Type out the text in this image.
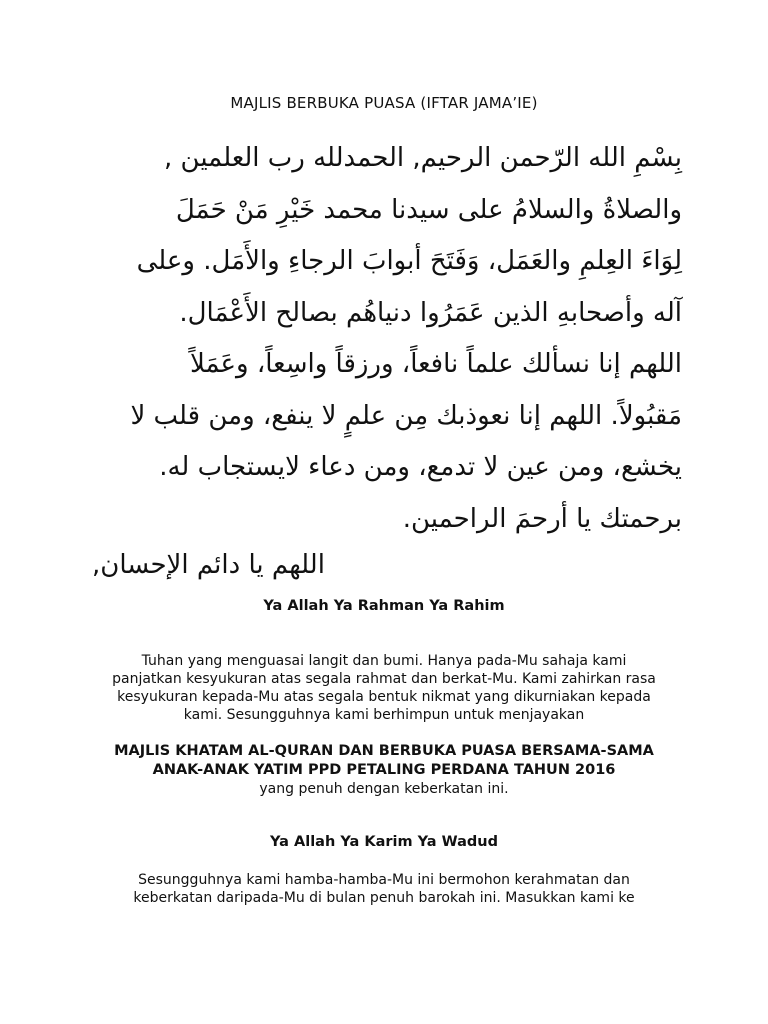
MAJLIS BERBUKA PUASA (IFTAR JAMA’IE)
بِسْمِ الله الرّحمن الرحيم, الحمدلله رب العلمين ,
والصلاةُ والسلامُ على سيدنا محمد خَيْرِ مَنْ حَمَلَ
لِوَاءَ العِلمِ والعَمَل، وَفَتَحَ أبوابَ الرجاءِ والأَمَل. وعلى
آله وأصحابهِ الذين عَمَرُوا دنياهُم بصالح الأَعْمَال.
اللهم إنا نسألك علماً نافعاً، ورزقاً واسِعاً، وعَمَلاً
مَقبُولاً. اللهم إنا نعوذبك مِن علمٍ لا ينفع، ومن قلب لا
يخشع، ومن عين لا تدمع، ومن دعاء لايستجاب له.
برحمتك يا أرحمَ الراحمين.
اللهم يا دائم الإحسان,
Ya Allah Ya Rahman Ya Rahim
Tuhan yang menguasai langit dan bumi. Hanya pada-Mu sahaja kami
panjatkan kesyukuran atas segala rahmat dan berkat-Mu. Kami zahirkan rasa
kesyukuran kepada-Mu atas segala bentuk nikmat yang dikurniakan kepada
kami. Sesungguhnya kami berhimpun untuk menjayakan
MAJLIS KHATAM AL-QURAN DAN BERBUKA PUASA BERSAMA-SAMA
ANAK-ANAK YATIM PPD PETALING PERDANA TAHUN 2016
yang penuh dengan keberkatan ini.
Ya Allah Ya Karim Ya Wadud
Sesungguhnya kami hamba-hamba-Mu ini bermohon kerahmatan dan
keberkatan daripada-Mu di bulan penuh barokah ini. Masukkan kami ke
